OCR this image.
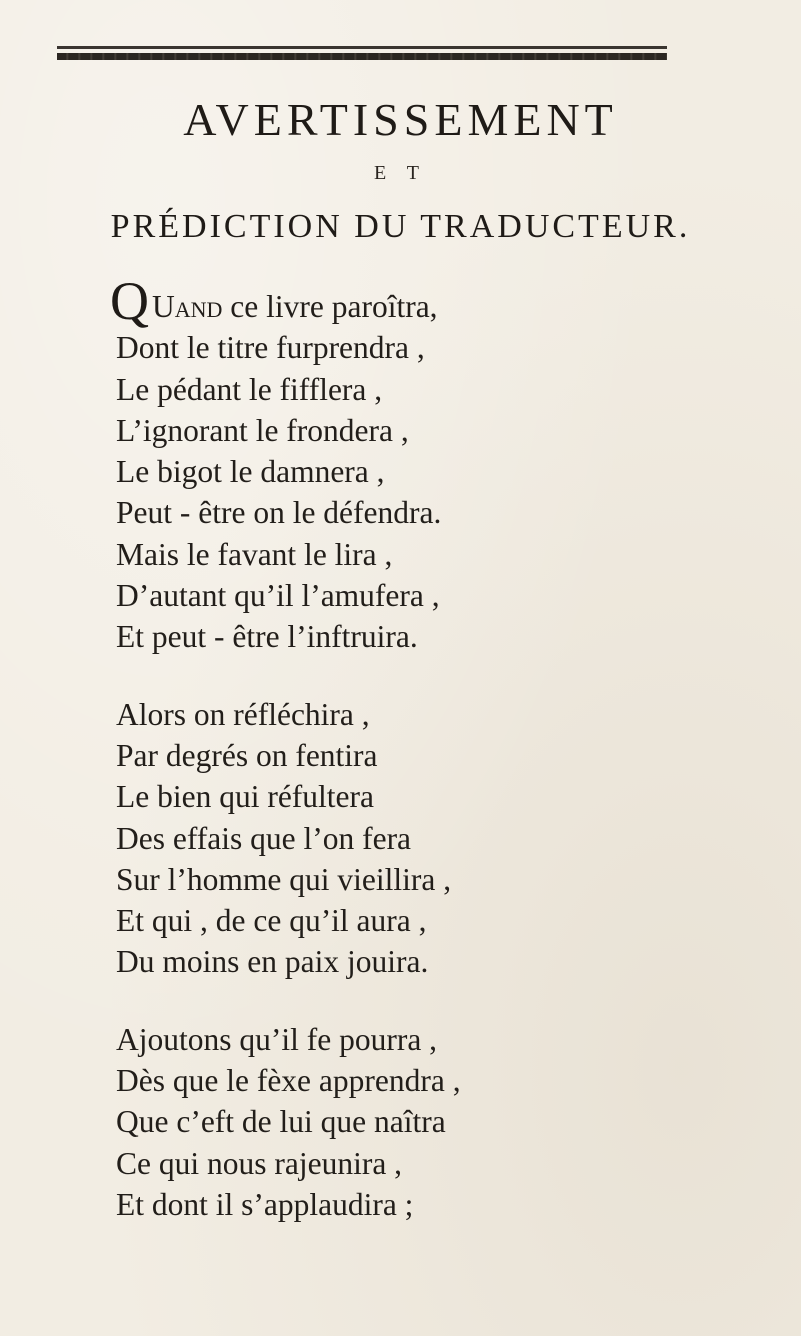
AVERTISSEMENT
E T
PRÉDICTION DU TRADUCTEUR.
Q Uand ce livre paroîtra,
Dont le titre furprendra ,
Le pédant le fifflera ,
L’ignorant le frondera ,
Le bigot le damnera ,
Peut - être on le défendra.
Mais le favant le lira ,
D’autant qu’il l’amufera ,
Et peut - être l’inftruira.
Alors on réfléchira ,
Par degrés on fentira
Le bien qui réfultera
Des effais que l’on fera
Sur l’homme qui vieillira ,
Et qui , de ce qu’il aura ,
Du moins en paix jouira.
Ajoutons qu’il fe pourra ,
Dès que le fèxe apprendra ,
Que c’eft de lui que naîtra
Ce qui nous rajeunira ,
Et dont il s’applaudira ;
